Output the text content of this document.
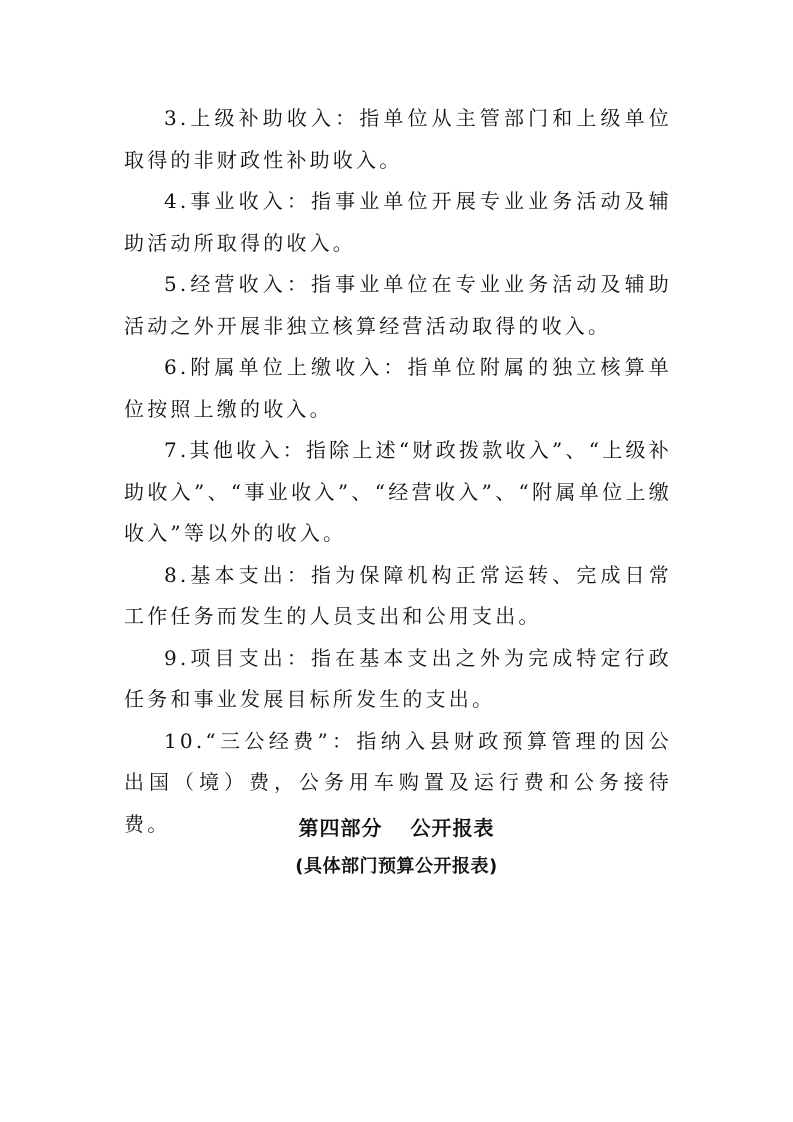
3.上级补助收入：指单位从主管部门和上级单位取得的非财政性补助收入。

4.事业收入：指事业单位开展专业业务活动及辅助活动所取得的收入。

5.经营收入：指事业单位在专业业务活动及辅助活动之外开展非独立核算经营活动取得的收入。

6.附属单位上缴收入：指单位附属的独立核算单位按照上缴的收入。

7.其他收入：指除上述“财政拨款收入”、“上级补助收入”、“事业收入”、“经营收入”、“附属单位上缴收入”等以外的收入。

8.基本支出：指为保障机构正常运转、完成日常工作任务而发生的人员支出和公用支出。

9.项目支出：指在基本支出之外为完成特定行政任务和事业发展目标所发生的支出。

10.“三公经费”：指纳入县财政预算管理的因公出国（境）费，公务用车购置及运行费和公务接待费。	第四部分 公开报表
(具体部门预算公开报表)
